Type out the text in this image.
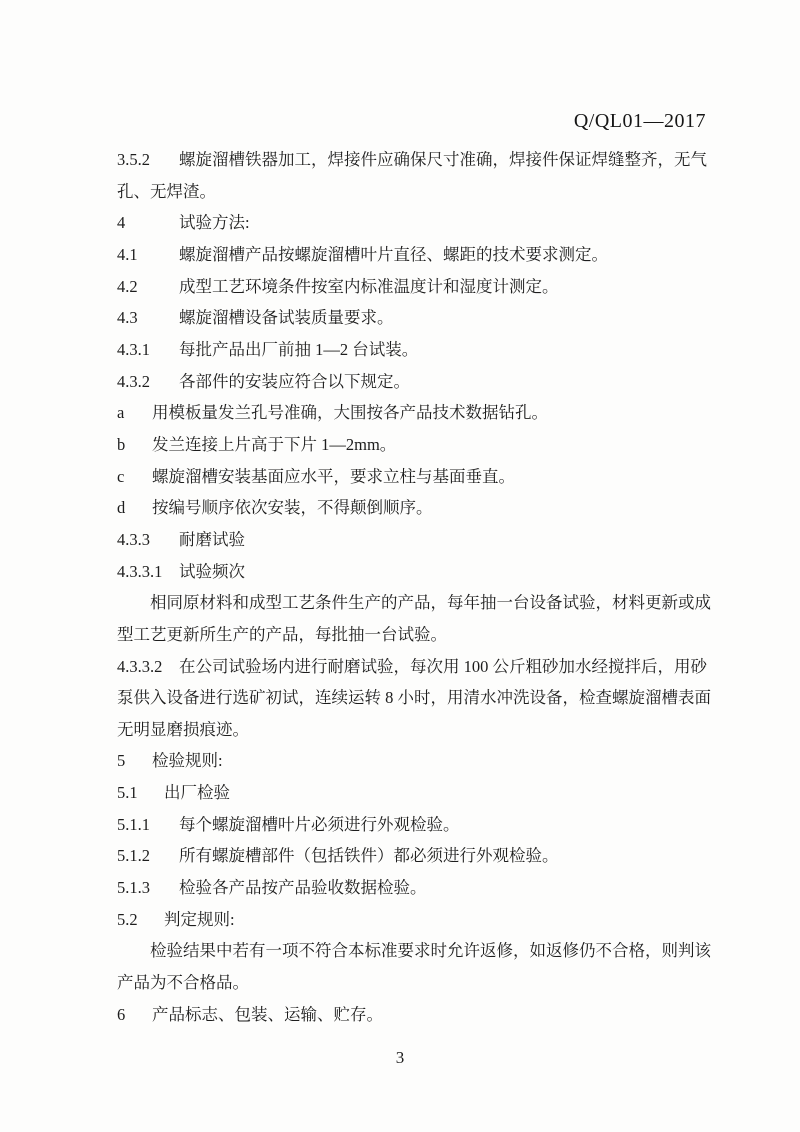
Q/QL01—2017

3.5.2 螺旋溜槽铁器加工，焊接件应确保尺寸准确，焊接件保证焊缝整齐，无气
孔、无焊渣。

4	试验方法:

4.1	螺旋溜槽产品按螺旋溜槽叶片直径、螺距的技术要求测定。

4.2	成型工艺环境条件按室内标准温度计和湿度计测定。

4.3	螺旋溜槽设备试装质量要求。

4.3.1 每批产品出厂前抽 1—2 台试装。

4.3.2 各部件的安装应符合以下规定。

a 用模板量发兰孔号准确，大围按各产品技术数据钻孔。

b 发兰连接上片高于下片 1—2mm。

c 螺旋溜槽安装基面应水平，要求立柱与基面垂直。

d 按编号顺序依次安装，不得颠倒顺序。

4.3.3 耐磨试验

4.3.3.1 试验频次

相同原材料和成型工艺条件生产的产品，每年抽一台设备试验，材料更新或成
型工艺更新所生产的产品，每批抽一台试验。

4.3.3.2 在公司试验场内进行耐磨试验，每次用 100 公斤粗砂加水经搅拌后，用砂
泵供入设备进行选矿初试，连续运转 8 小时，用清水冲洗设备，检查螺旋溜槽表面
无明显磨损痕迹。

5 检验规则:

5.1 出厂检验

5.1.1 每个螺旋溜槽叶片必须进行外观检验。

5.1.2 所有螺旋槽部件（包括铁件）都必须进行外观检验。

5.1.3 检验各产品按产品验收数据检验。

5.2 判定规则:

检验结果中若有一项不符合本标准要求时允许返修，如返修仍不合格，则判该
产品为不合格品。

6 产品标志、包装、运输、贮存。

3
